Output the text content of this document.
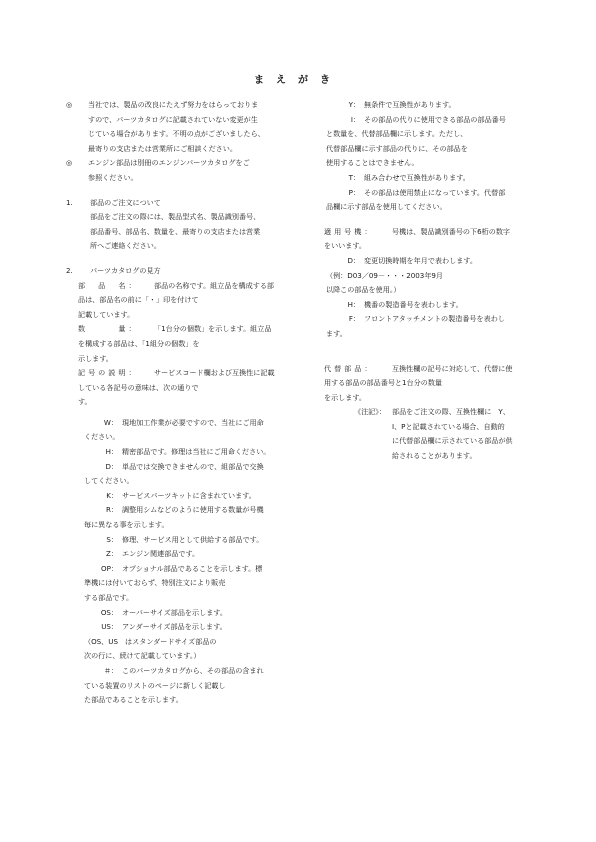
まえがき
◎	当社では、製品の改良にたえず努力をはらっておりま
すので、パーツカタログに記載されていない変更が生
じている場合があります。不明の点がございましたら、
最寄りの支店または営業所にご相談ください。
◎	エンジン部品は別冊のエンジンパーツカタログをご
参照ください。
1.	部品のご注文について
部品をご注文の際には、製品型式名、製品識別番号、
部品番号、部品名、数量を、最寄りの支店または営業
所へご連絡ください。
2.	パーツカタログの見方
部　品　名：	部品の名称です。組立品を構成する部
品は、部品名の前に「・」印を付けて
記載しています。
数　　　量：	「1台分の個数」を示します。組立品
を構成する部品は、「1組分の個数」を
示します。
記号の説明：	サービスコード欄および互換性に記載
している各記号の意味は、次の通りで
す。
W： 現地加工作業が必要ですので、当社にご用命
ください。
H： 精密部品です。修理は当社にご用命ください。
D： 単品では交換できませんので、組部品で交換
してください。
K： サービスパーツキットに含まれています。
R： 調整用シムなどのように使用する数量が号機
毎に異なる事を示します。
S： 修理、サービス用として供給する部品です。
Z： エンジン関連部品です。
OP： オプショナル部品であることを示します。標
準機には付いておらず、特別注文により販売
する部品です。
OS： オーバーサイズ部品を示します。
US： アンダーサイズ部品を示します。
（OS、US　はスタンダードサイズ部品の
次の行に、続けて記載しています。）
＃： このパーツカタログから、その部品の含まれ
ている装置のリストのページに新しく記載し
た部品であることを示します。
Y： 無条件で互換性があります。
I： その部品の代りに使用できる部品の部品番号
と数量を、代替部品欄に示します。ただし、
代替部品欄に示す部品の代りに、その部品を
使用することはできません。
T： 組み合わせで互換性があります。
P： その部品は使用禁止になっています。代替部
品欄に示す部品を使用してください。
適用号機：	号機は、製品識別番号の下6桁の数字
をいいます。
D： 変更切換時期を年月で表わします。
（例：D03／09－・・・2003年9月
以降この部品を使用。）
H： 機番の製造番号を表わします。
F： フロントアタッチメントの製造番号を表わし
ます。
代替部品：	互換性欄の記号に対応して、代替に使
用する部品の部品番号と1台分の数量
を示します。
《注記》： 部品をご注文の際、互換性欄に　Y、
I、Pと記載されている場合、自動的
に代替部品欄に示されている部品が供
給されることがあります。
